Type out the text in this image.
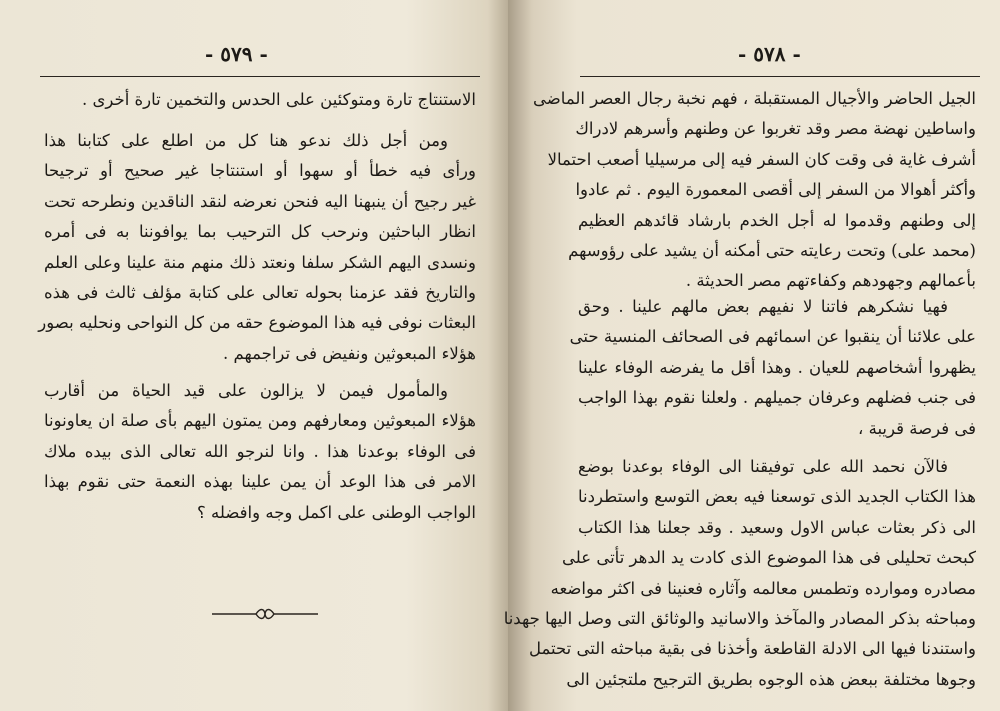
- ٥٧٩ -
الاستنتاج تارة ومتوكئين على الحدس والتخمين تارة أخرى .
ومن أجل ذلك ندعو هنا كل من اطلع على كتابنا هذا
ورأى فيه خطأ أو سهوا أو استنتاجا غير صحيح أو ترجيحا
غير رجيح أن ينبهنا اليه فنحن نعرضه لنقد الناقدين ونطرحه تحت
انظار الباحثين ونرحب كل الترحيب بما يوافوننا به فى أمره
ونسدى اليهم الشكر سلفا ونعتد ذلك منهم منة علينا وعلى العلم
والتاريخ فقد عزمنا بحوله تعالى على كتابة مؤلف ثالث فى هذه
البعثات نوفى فيه هذا الموضوع حقه من كل النواحى ونحليه بصور
هؤلاء المبعوثين ونفيض فى تراجمهم .
والمأمول فيمن لا يزالون على قيد الحياة من أقارب
هؤلاء المبعوثين ومعارفهم ومن يمتون اليهم بأى صلة ان يعاونونا
فى الوفاء بوعدنا هذا . وانا لنرجو الله تعالى الذى بيده ملاك
الامر فى هذا الوعد أن يمن علينا بهذه النعمة حتى نقوم بهذا
الواجب الوطنى على اكمل وجه وافضله ؟
- ٥٧٨ -
الجيل الحاضر والأجيال المستقبلة ، فهم نخبة رجال العصر الماضى
واساطين نهضة مصر وقد تغربوا عن وطنهم وأسرهم لادراك
أشرف غاية فى وقت كان السفر فيه إلى مرسيليا أصعب احتمالا
وأكثر أهوالا من السفر إلى أقصى المعمورة اليوم . ثم عادوا
إلى وطنهم وقدموا له أجل الخدم بارشاد قائدهم العظيم
(محمد على) وتحت رعايته حتى أمكنه أن يشيد على رؤوسهم
بأعمالهم وجهودهم وكفاءتهم مصر الحديثة .
فهيا نشكرهم فاتنا لا نفيهم بعض مالهم علينا . وحق
على علائنا أن ينقبوا عن اسمائهم فى الصحائف المنسية حتى
يظهروا أشخاصهم للعيان . وهذا أقل ما يفرضه الوفاء علينا
فى جنب فضلهم وعرفان جميلهم . ولعلنا نقوم بهذا الواجب
فى فرصة قريبة ،
فالآن نحمد الله على توفيقنا الى الوفاء بوعدنا بوضع
هذا الكتاب الجديد الذى توسعنا فيه بعض التوسع واستطردنا
الى ذكر بعثات عباس الاول وسعيد . وقد جعلنا هذا الكتاب
كبحث تحليلى فى هذا الموضوع الذى كادت يد الدهر تأتى على
مصادره وموارده وتطمس معالمه وآثاره فعنينا فى اكثر مواضعه
ومباحثه بذكر المصادر والمآخذ والاسانيد والوثائق التى وصل اليها جهدنا
واستندنا فيها الى الادلة القاطعة وأخذنا فى بقية مباحثه التى تحتمل
وجوها مختلفة ببعض هذه الوجوه بطريق الترجيح ملتجئين الى
